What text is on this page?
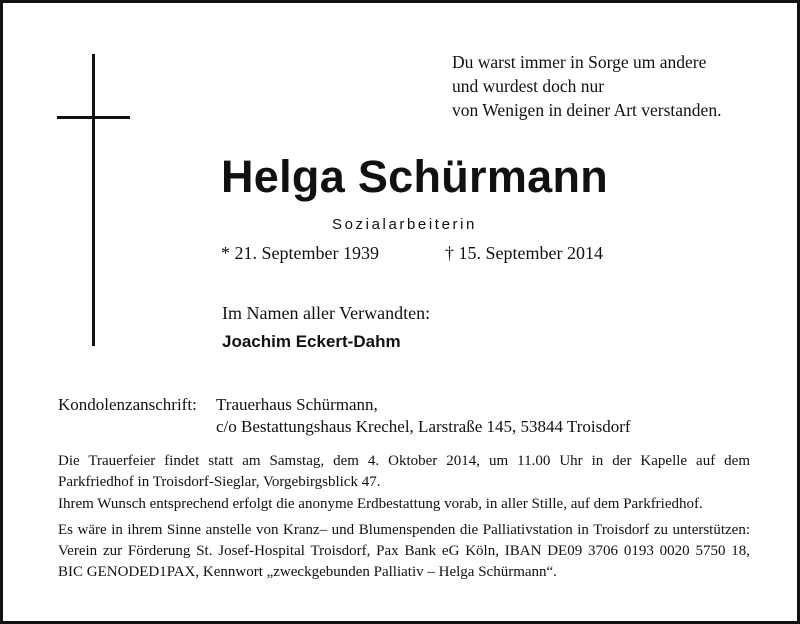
Du warst immer in Sorge um andere
und wurdest doch nur
von Wenigen in deiner Art verstanden.
Helga Schürmann
Sozialarbeiterin
* 21. September 1939	† 15. September 2014
Im Namen aller Verwandten:
Joachim Eckert-Dahm
Kondolenzanschrift: Trauerhaus Schürmann,
c/o Bestattungshaus Krechel, Larstraße 145, 53844 Troisdorf
Die Trauerfeier findet statt am Samstag, dem 4. Oktober 2014, um 11.00 Uhr in der Kapelle auf dem
Parkfriedhof in Troisdorf-Sieglar, Vorgebirgsblick 47.
Ihrem Wunsch entsprechend erfolgt die anonyme Erdbestattung vorab, in aller Stille, auf dem Parkfriedhof.
Es wäre in ihrem Sinne anstelle von Kranz– und Blumenspenden die Palliativstation in Troisdorf zu unterstützen:
Verein zur Förderung St. Josef-Hospital Troisdorf, Pax Bank eG Köln, IBAN DE09 3706 0193 0020 5750 18,
BIC GENODED1PAX, Kennwort „zweckgebunden Palliativ – Helga Schürmann“.
